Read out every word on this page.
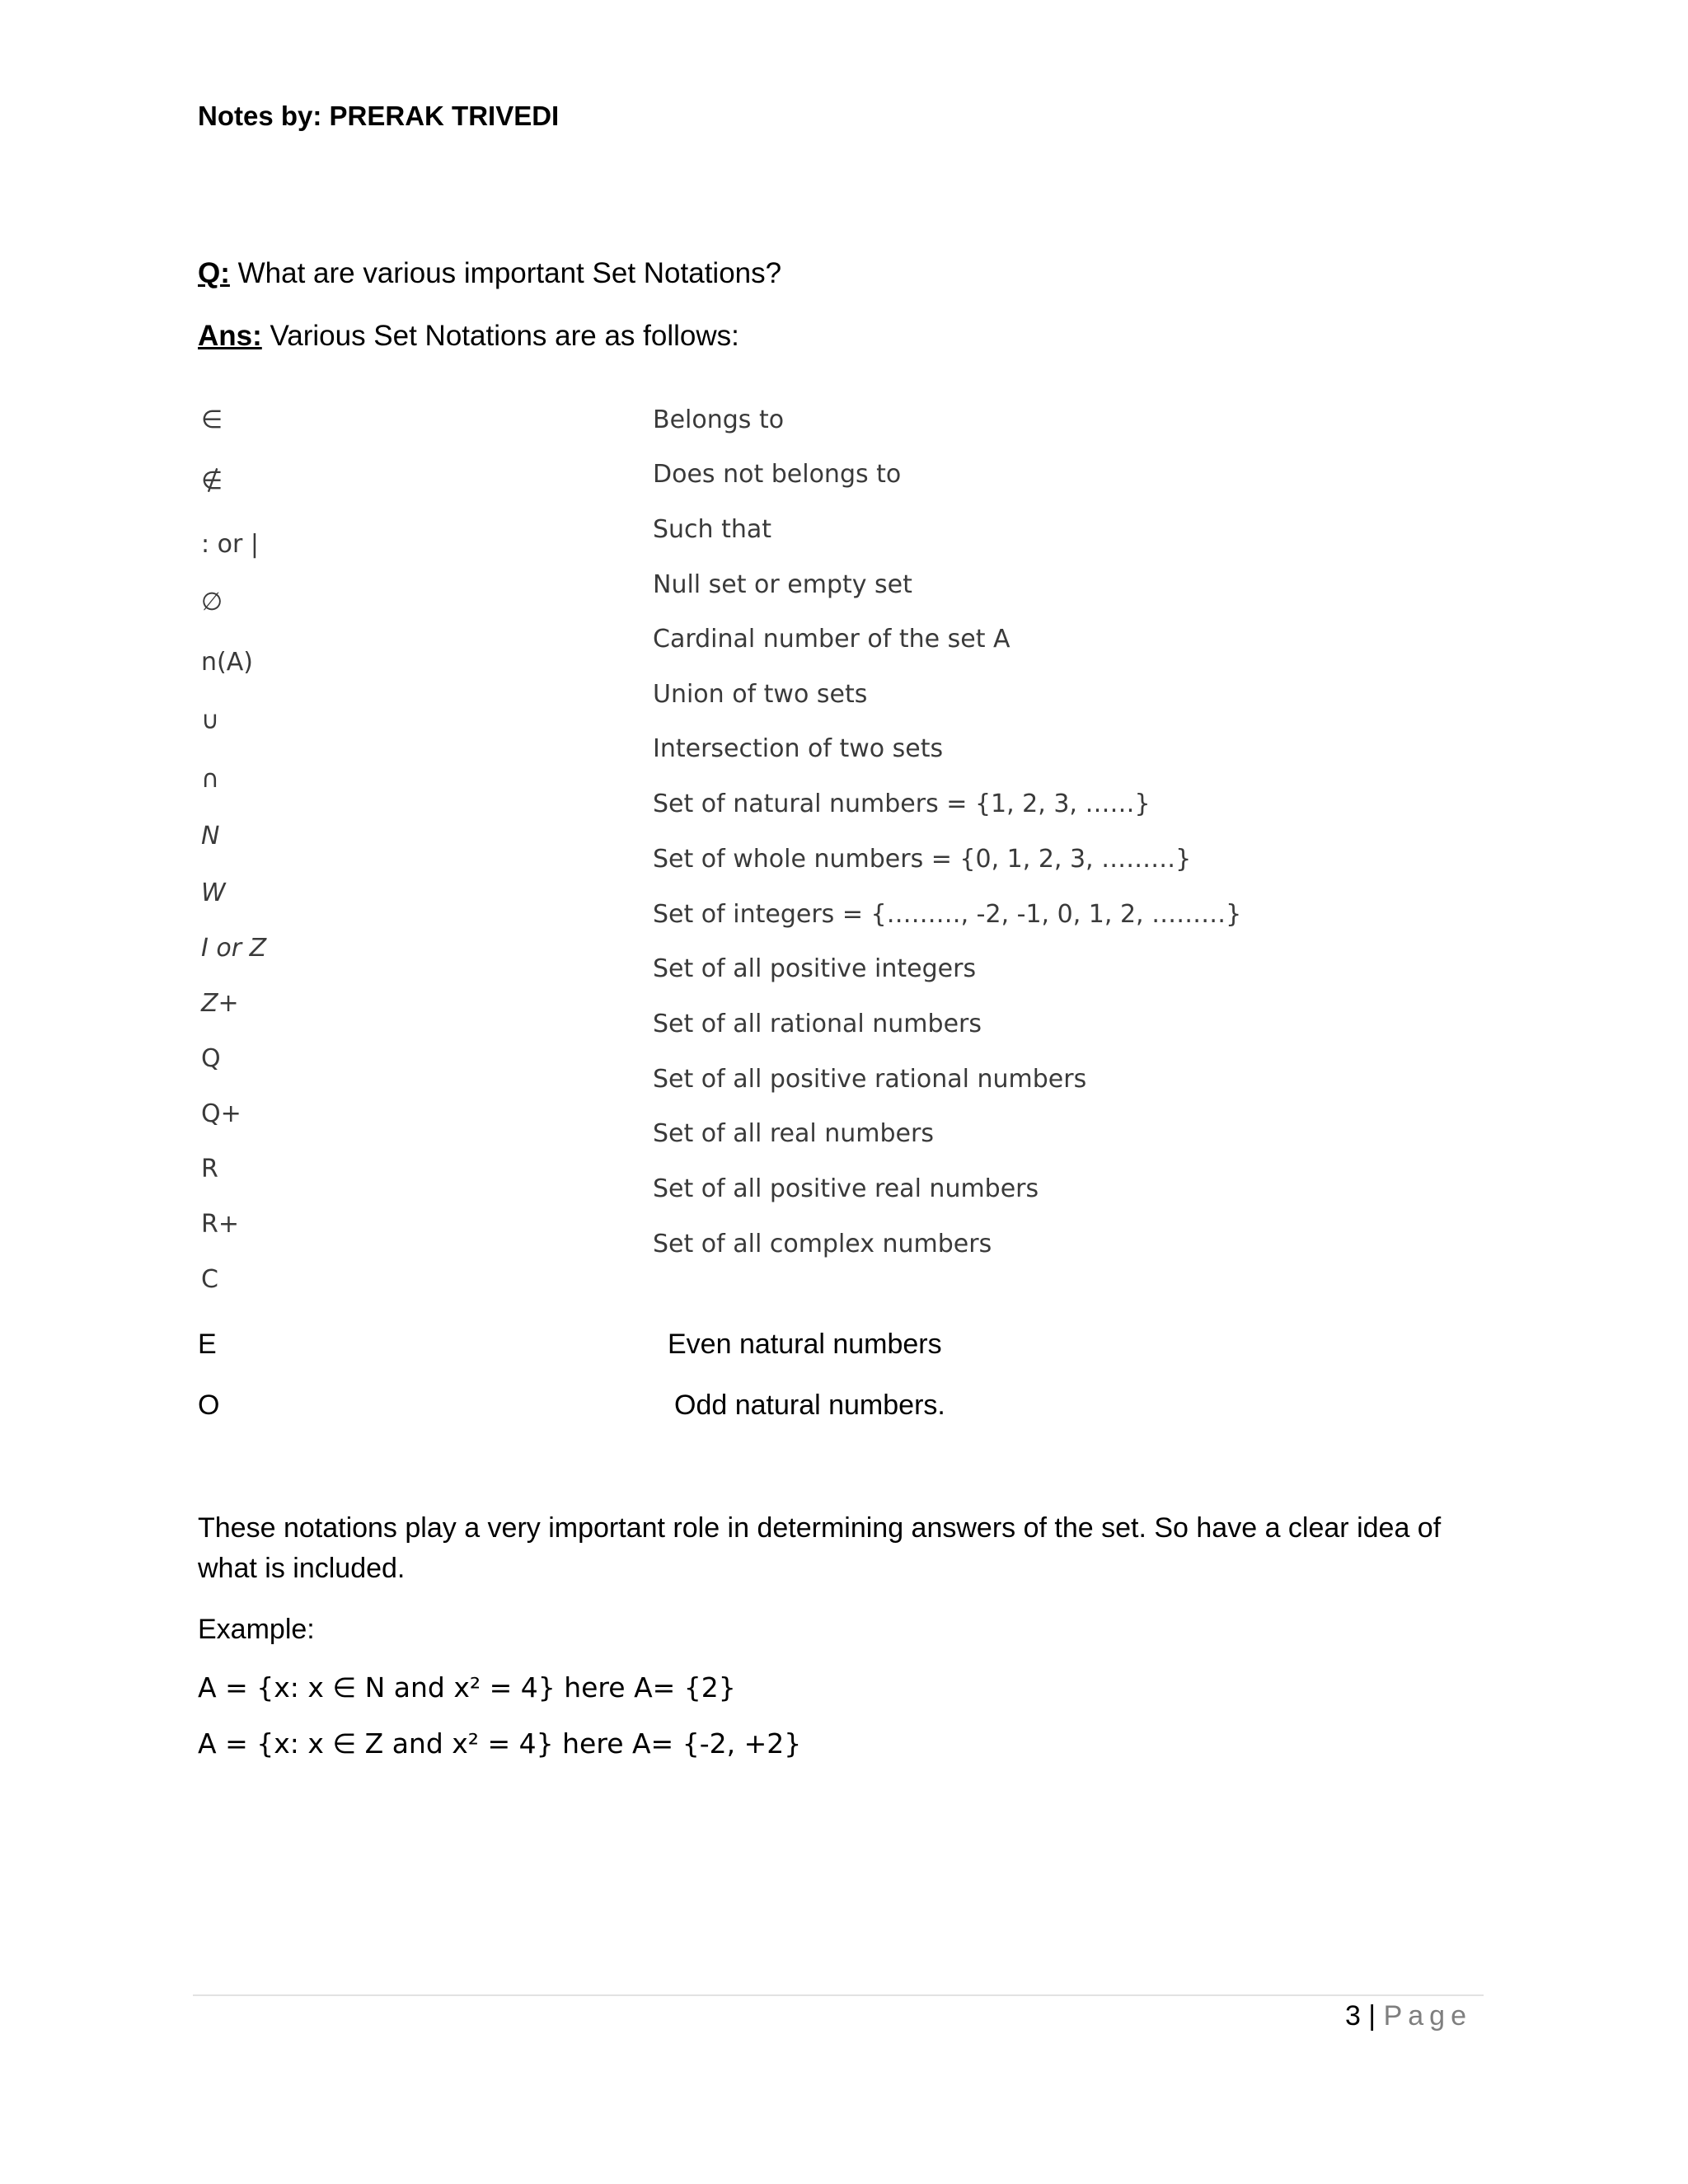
Notes by: PRERAK TRIVEDI
Q: What are various important Set Notations?
Ans: Various Set Notations are as follows:
∈
∉
: or |
∅
n(A)
∪
∩
N
W
I or Z
Z+
Q
Q+
R
R+
C
Belongs to
Does not belongs to
Such that
Null set or empty set
Cardinal number of the set A
Union of two sets
Intersection of two sets
Set of natural numbers = {1, 2, 3, ……}
Set of whole numbers = {0, 1, 2, 3, ………}
Set of integers = {………, -2, -1, 0, 1, 2, ………}
Set of all positive integers
Set of all rational numbers
Set of all positive rational numbers
Set of all real numbers
Set of all positive real numbers
Set of all complex numbers
E	Even natural numbers
O	Odd natural numbers.
These notations play a very important role in determining answers of the set. So have a clear idea of what is included.
Example:
A = {x: x ∈ N and x² = 4} here A= {2}
A = {x: x ∈ Z and x² = 4} here A= {-2, +2}
3 | Page
